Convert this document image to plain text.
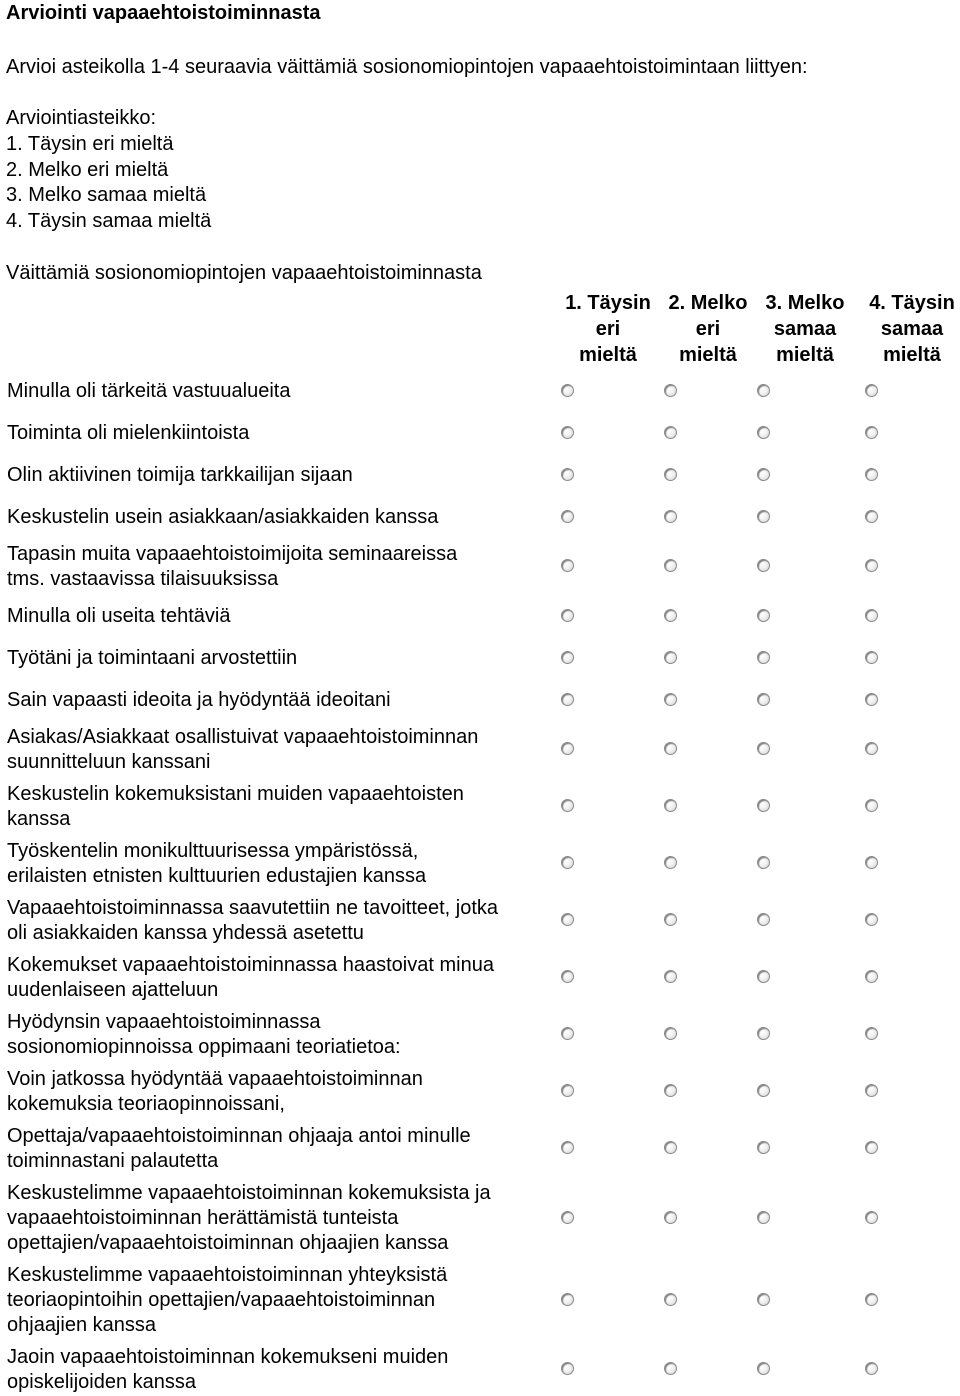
Arviointi vapaaehtoistoiminnasta
Arvioi asteikolla 1-4 seuraavia väittämiä sosionomiopintojen vapaaehtoistoimintaan liittyen:
Arviointiasteikko:
1. Täysin eri mieltä
2. Melko eri mieltä
3. Melko samaa mieltä
4. Täysin samaa mieltä
Väittämiä sosionomiopintojen vapaaehtoistoiminnasta
1. Täysin
eri
mieltä
2. Melko
eri
mieltä
3. Melko
samaa
mieltä
4. Täysin
samaa
mieltä
Minulla oli tärkeitä vastuualueita
Toiminta oli mielenkiintoista
Olin aktiivinen toimija tarkkailijan sijaan
Keskustelin usein asiakkaan/asiakkaiden kanssa
Tapasin muita vapaaehtoistoimijoita seminaareissa
tms. vastaavissa tilaisuuksissa
Minulla oli useita tehtäviä
Työtäni ja toimintaani arvostettiin
Sain vapaasti ideoita ja hyödyntää ideoitani
Asiakas/Asiakkaat osallistuivat vapaaehtoistoiminnan
suunnitteluun kanssani
Keskustelin kokemuksistani muiden vapaaehtoisten
kanssa
Työskentelin monikulttuurisessa ympäristössä,
erilaisten etnisten kulttuurien edustajien kanssa
Vapaaehtoistoiminnassa saavutettiin ne tavoitteet, jotka
oli asiakkaiden kanssa yhdessä asetettu
Kokemukset vapaaehtoistoiminnassa haastoivat minua
uudenlaiseen ajatteluun
Hyödynsin vapaaehtoistoiminnassa
sosionomiopinnoissa oppimaani teoriatietoa:
Voin jatkossa hyödyntää vapaaehtoistoiminnan
kokemuksia teoriaopinnoissani,
Opettaja/vapaaehtoistoiminnan ohjaaja antoi minulle
toiminnastani palautetta
Keskustelimme vapaaehtoistoiminnan kokemuksista ja
vapaaehtoistoiminnan herättämistä tunteista
opettajien/vapaaehtoistoiminnan ohjaajien kanssa
Keskustelimme vapaaehtoistoiminnan yhteyksistä
teoriaopintoihin opettajien/vapaaehtoistoiminnan
ohjaajien kanssa
Jaoin vapaaehtoistoiminnan kokemukseni muiden
opiskelijoiden kanssa
